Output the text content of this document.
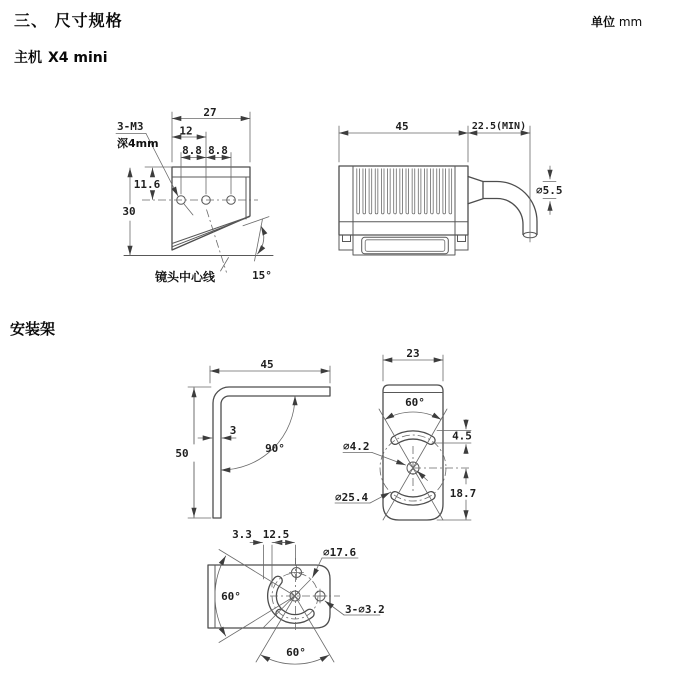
三、 尺寸规格	单位 mm
主机 X4 mini
安装架
27
12
8.8 8.8
3-M3
深4mm
11.6
30
镜头中心线	15°
45	22.5(MIN)
∅5.5
45
50
3
90°
23
60°
∅4.2
4.5
∅25.4	18.7
3.3 12.5
∅17.6
60°
3-∅3.2
60°
